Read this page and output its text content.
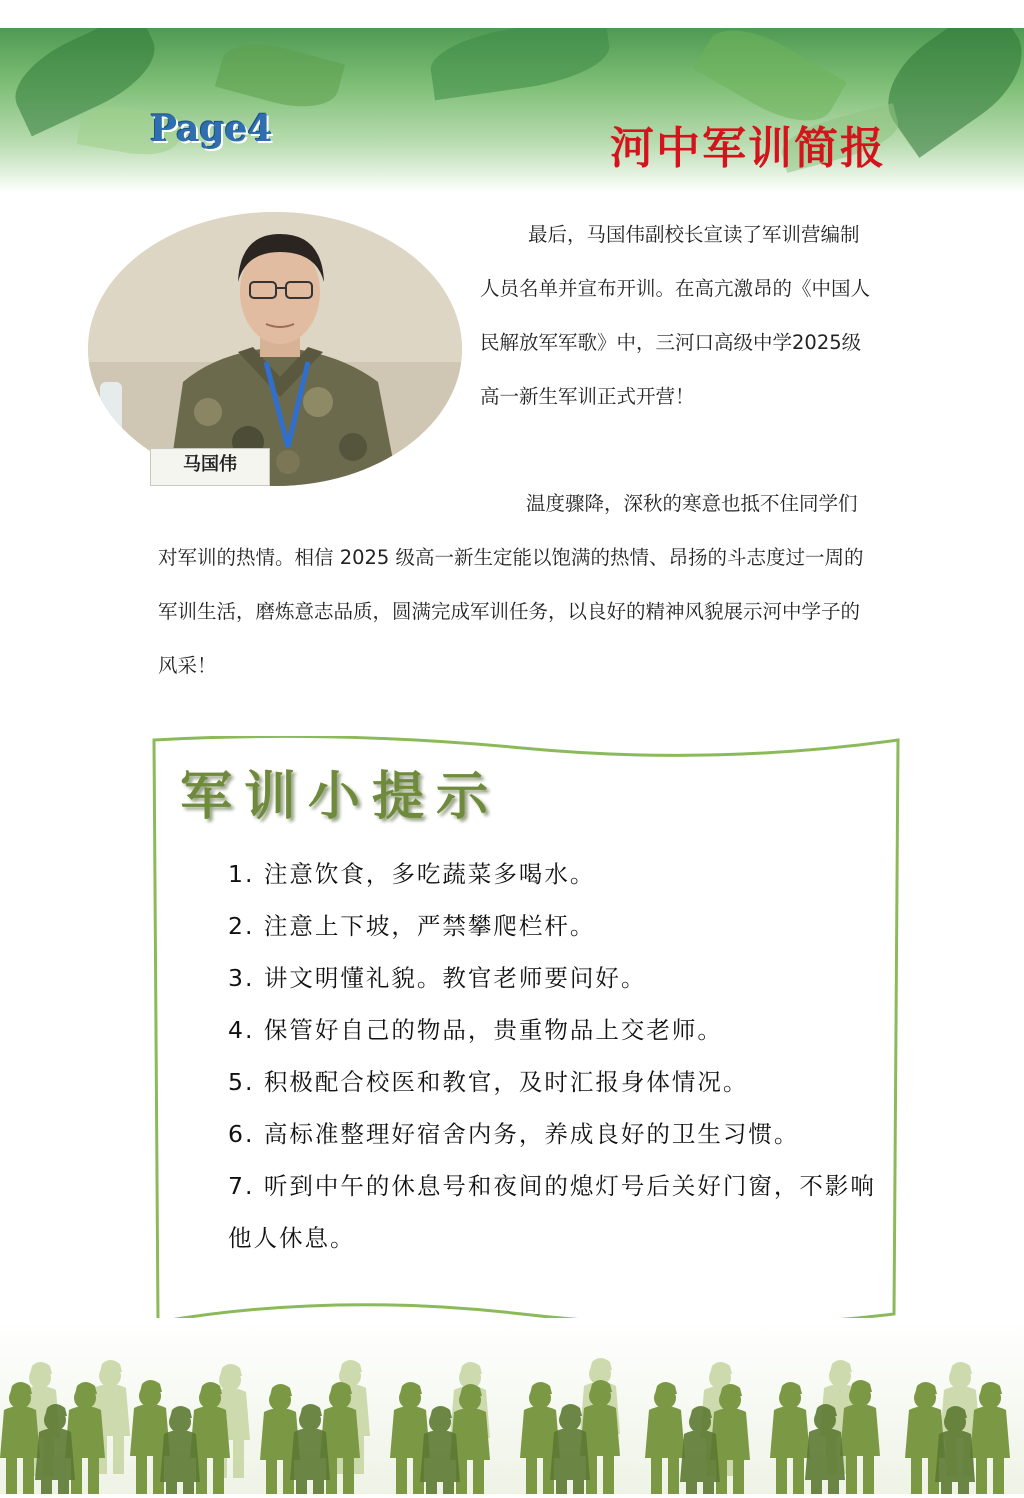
Page4	河中军训简报
马国伟

最后，马国伟副校长宣读了军训营编制人员名单并宣布开训。在高亢激昂的《中国人民解放军军歌》中，三河口高级中学2025级高一新生军训正式开营！

温度骤降，深秋的寒意也抵不住同学们对军训的热情。相信 2025 级高一新生定能以饱满的热情、昂扬的斗志度过一周的军训生活，磨炼意志品质，圆满完成军训任务，以良好的精神风貌展示河中学子的风采！

军训小提示
1. 注意饮食，多吃蔬菜多喝水。
2. 注意上下坡，严禁攀爬栏杆。
3. 讲文明懂礼貌。教官老师要问好。
4. 保管好自己的物品，贵重物品上交老师。
5. 积极配合校医和教官，及时汇报身体情况。
6. 高标准整理好宿舍内务，养成良好的卫生习惯。
7. 听到中午的休息号和夜间的熄灯号后关好门窗，不影响他人休息。
